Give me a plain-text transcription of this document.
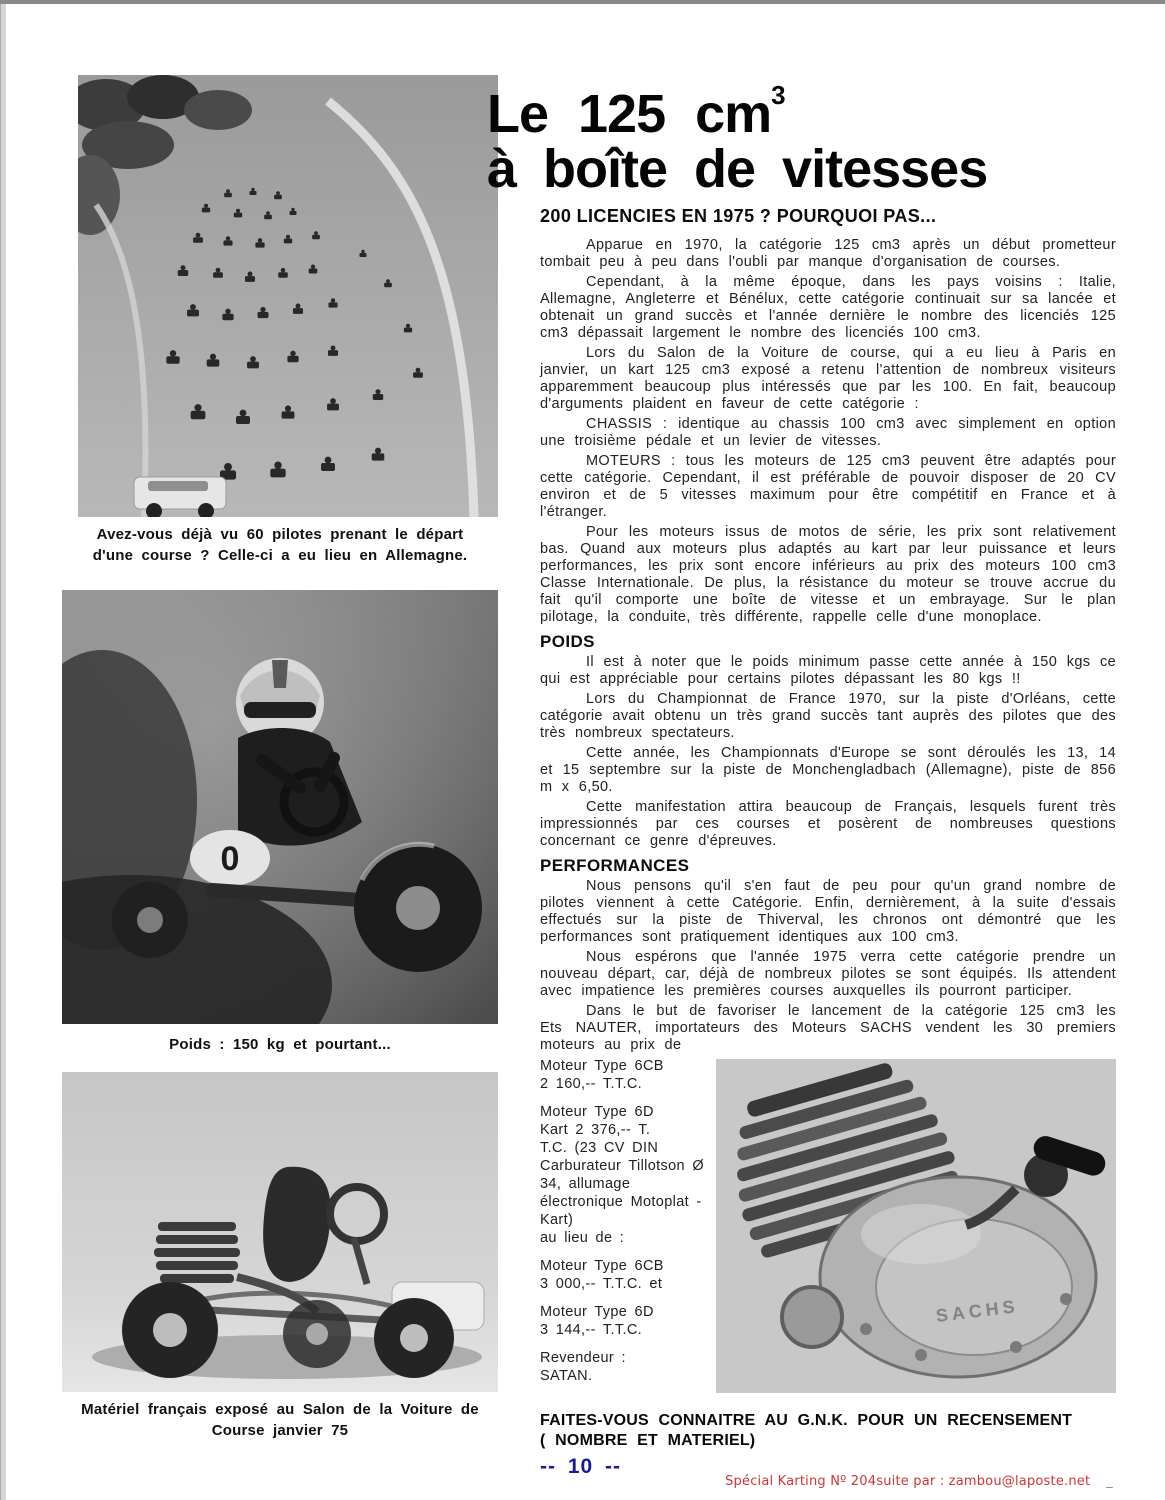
Avez-vous déjà vu 60 pilotes prenant le départ
d'une course ? Celle-ci a eu lieu en Allemagne.
0
Poids : 150 kg et pourtant...
Matériel français exposé au Salon de la Voiture de
Course janvier 75
Le 125 $cm^3$
à boîte de vitesses
200 LICENCIES EN 1975 ? POURQUOI PAS...

Apparue en 1970, la catégorie 125 cm3 après un début prometteur tombait peu à peu dans l'oubli par manque d'organisation de courses.

Cependant, à la même époque, dans les pays voisins : Italie, Allemagne, Angleterre et Bénélux, cette catégorie continuait sur sa lancée et obtenait un grand succès et l'année dernière le nombre des licenciés 125 cm3 dépassait largement le nombre des licenciés 100 cm3.

Lors du Salon de la Voiture de course, qui a eu lieu à Paris en janvier, un kart 125 cm3 exposé a retenu l'attention de nombreux visiteurs apparemment beaucoup plus intéressés que par les 100. En fait, beaucoup d'arguments plaident en faveur de cette catégorie :

CHASSIS : identique au chassis 100 cm3 avec simplement en option une troisième pédale et un levier de vitesses.

MOTEURS : tous les moteurs de 125 cm3 peuvent être adaptés pour cette catégorie. Cependant, il est préférable de pouvoir disposer de 20 CV environ et de 5 vitesses maximum pour être compétitif en France et à l'étranger.

Pour les moteurs issus de motos de série, les prix sont relativement bas. Quand aux moteurs plus adaptés au kart par leur puissance et leurs performances, les prix sont encore inférieurs au prix des moteurs 100 cm3 Classe Internationale. De plus, la résistance du moteur se trouve accrue du fait qu'il comporte une boîte de vitesse et un embrayage. Sur le plan pilotage, la conduite, très différente, rappelle celle d'une monoplace.

POIDS

Il est à noter que le poids minimum passe cette année à 150 kgs ce qui est appréciable pour certains pilotes dépassant les 80 kgs !!

Lors du Championnat de France 1970, sur la piste d'Orléans, cette catégorie avait obtenu un très grand succès tant auprès des pilotes que des très nombreux spectateurs.

Cette année, les Championnats d'Europe se sont déroulés les 13, 14 et 15 septembre sur la piste de Monchengladbach (Allemagne), piste de 856 m x 6,50.

Cette manifestation attira beaucoup de Français, lesquels furent très impressionnés par ces courses et posèrent de nombreuses questions concernant ce genre d'épreuves.

PERFORMANCES

Nous pensons qu'il s'en faut de peu pour qu'un grand nombre de pilotes viennent à cette Catégorie. Enfin, dernièrement, à la suite d'essais effectués sur la piste de Thiverval, les chronos ont démontré que les performances sont pratiquement identiques aux 100 cm3.

Nous espérons que l'année 1975 verra cette catégorie prendre un nouveau départ, car, déjà de nombreux pilotes se sont équipés. Ils attendent avec impatience les premières courses auxquelles ils pourront participer.

Dans le but de favoriser le lancement de la catégorie 125 cm3 les Ets NAUTER, importateurs des Moteurs SACHS vendent les 30 premiers moteurs au prix de

SACHS

Moteur Type 6CB
2 160,-- T.T.C.

Moteur Type 6D
Kart 2 376,-- T.
T.C. (23 CV DIN
Carburateur Tillotson Ø 34, allumage
électronique Motoplat - Kart)
au lieu de :

Moteur Type 6CB
3 000,-- T.T.C. et

Moteur Type 6D
3 144,-- T.T.C.

Revendeur :
SATAN.

FAITES-VOUS CONNAITRE AU G.N.K. POUR UN RECENSEMENT
( NOMBRE ET MATERIEL)
-- 10 --
Spécial Karting Nº 204suite par : zambou@laposte.net _
